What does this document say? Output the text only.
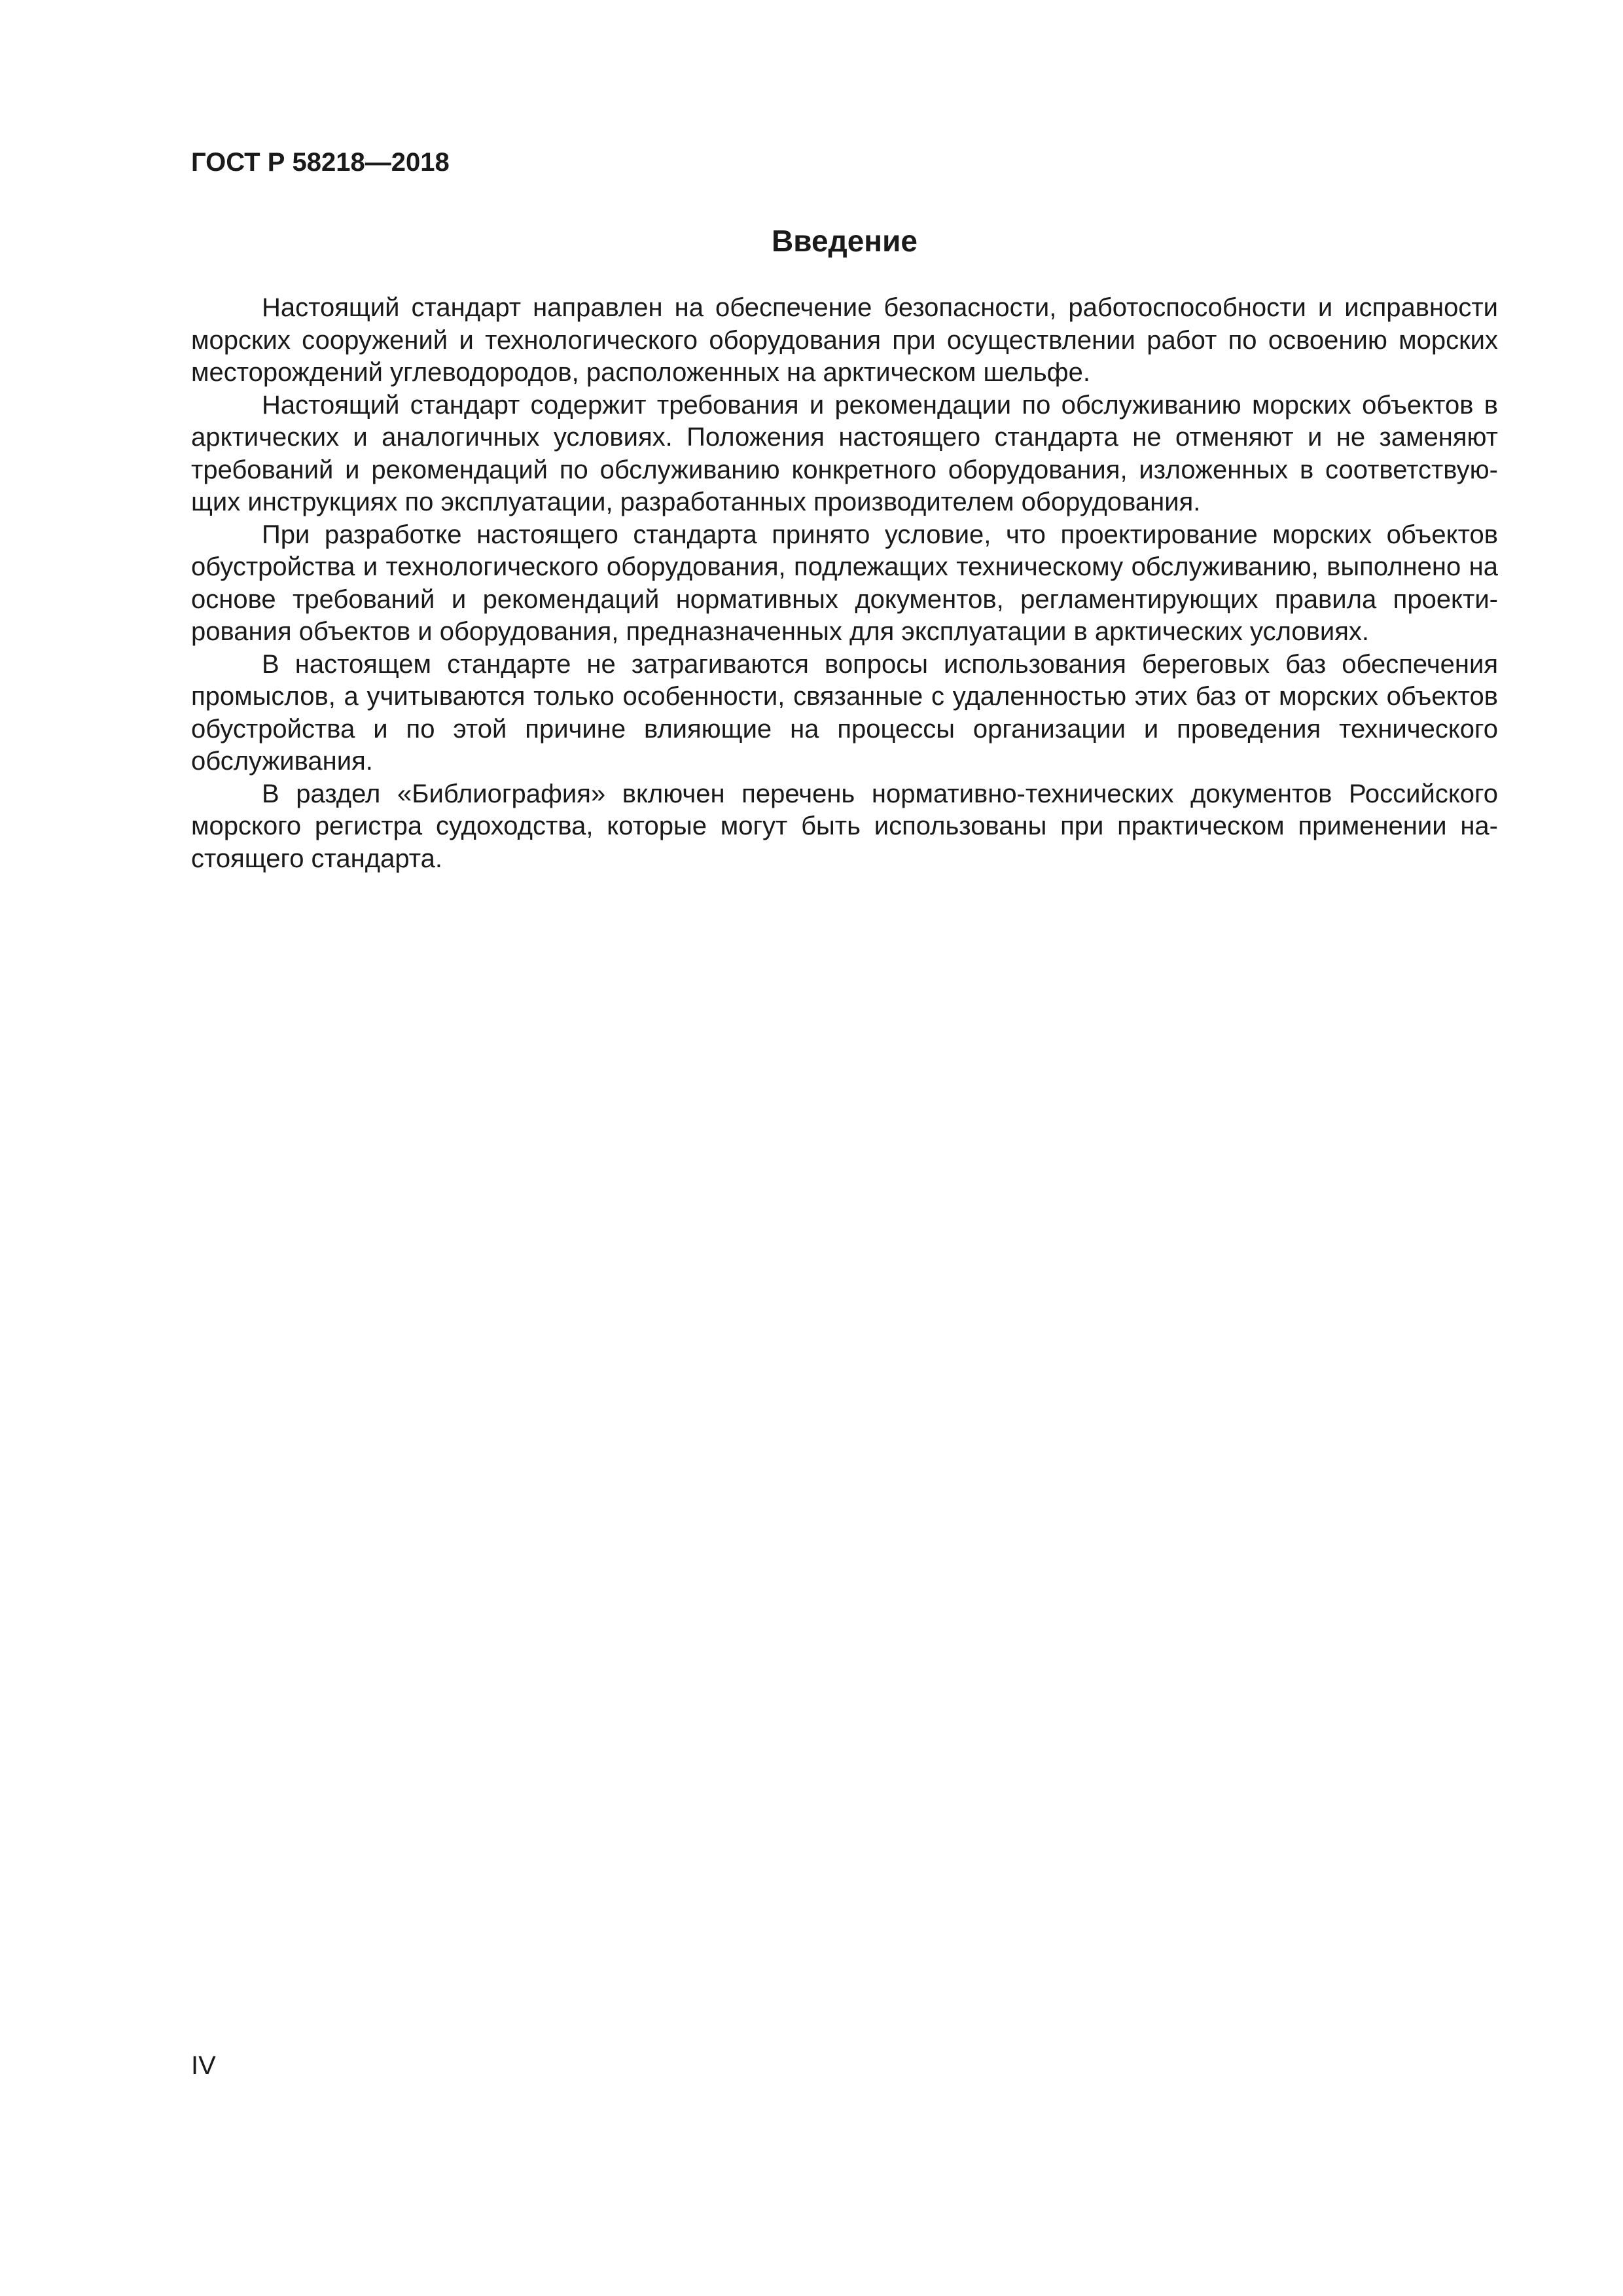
ГОСТ Р 58218—2018
Введение

Настоящий стандарт направлен на обеспечение безопасности, работоспособности и исправности морских сооружений и технологического оборудования при осуществлении работ по освоению морских месторождений углеводородов, расположенных на арктическом шельфе.

Настоящий стандарт содержит требования и рекомендации по обслуживанию морских объектов в арктических и аналогичных условиях. Положения настоящего стандарта не отменяют и не заменяют требований и рекомендаций по обслуживанию конкретного оборудования, изложенных в соответствующих инструкциях по эксплуатации, разработанных производителем оборудования.

При разработке настоящего стандарта принято условие, что проектирование морских объектов обустройства и технологического оборудования, подлежащих техническому обслуживанию, выполнено на основе требований и рекомендаций нормативных документов, регламентирующих правила проектирования объектов и оборудования, предназначенных для эксплуатации в арктических условиях.

В настоящем стандарте не затрагиваются вопросы использования береговых баз обеспечения промыслов, а учитываются только особенности, связанные с удаленностью этих баз от морских объектов обустройства и по этой причине влияющие на процессы организации и проведения технического обслуживания.

В раздел «Библиография» включен перечень нормативно-технических документов Российского морского регистра судоходства, которые могут быть использованы при практическом применении настоящего стандарта.

IV
